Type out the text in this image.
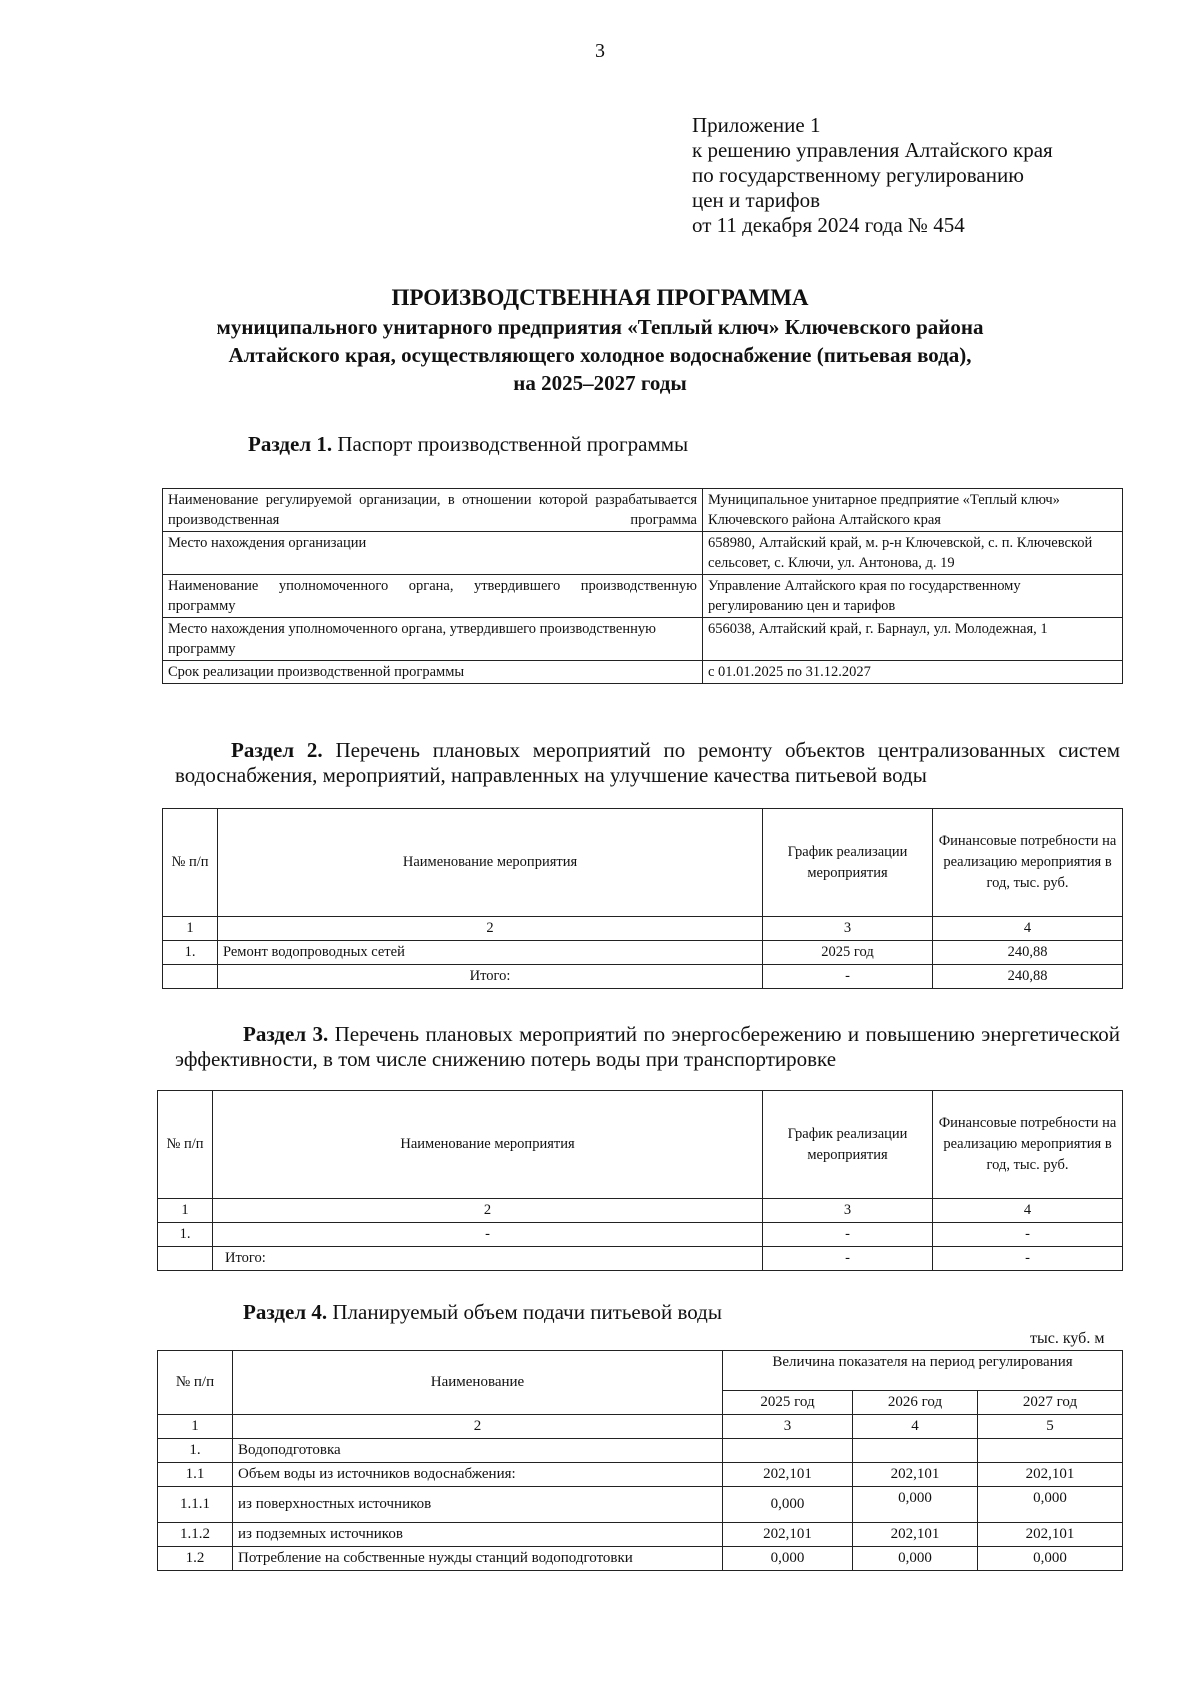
3
Приложение 1
к решению управления Алтайского края
по государственному регулированию
цен и тарифов
от 11 декабря 2024 года № 454
ПРОИЗВОДСТВЕННАЯ ПРОГРАММА
муниципального унитарного предприятия «Теплый ключ» Ключевского района
Алтайского края, осуществляющего холодное водоснабжение (питьевая вода),
на 2025–2027 годы
Раздел 1. Паспорт производственной программы
Наименование регулируемой организации, в отношении которой разрабатывается производственная программа	Муниципальное унитарное предприятие «Теплый ключ» Ключевского района Алтайского края
Место нахождения организации	658980, Алтайский край, м. р-н Ключевской, с. п. Ключевской сельсовет, с. Ключи, ул. Антонова, д. 19
Наименование уполномоченного органа, утвердившего производственную программу	Управление Алтайского края по государственному регулированию цен и тарифов
Место нахождения уполномоченного органа, утвердившего производственную программу	656038, Алтайский край, г. Барнаул, ул. Молодежная, 1
Срок реализации производственной программы	с 01.01.2025 по 31.12.2027
Раздел 2. Перечень плановых мероприятий по ремонту объектов централизованных систем водоснабжения, мероприятий, направленных на улучшение качества питьевой воды
№ п/п	Наименование мероприятия	График реализации мероприятия	Финансовые потребности на реализацию мероприятия в год, тыс. руб.
1	2	3	4
1.	Ремонт водопроводных сетей	2025 год	240,88
	Итого:	-	240,88
Раздел 3. Перечень плановых мероприятий по энергосбережению и повышению энергетической эффективности, в том числе снижению потерь воды при транспортировке
№ п/п	Наименование мероприятия	График реализации мероприятия	Финансовые потребности на реализацию мероприятия в год, тыс. руб.
1	2	3	4
1.	-	-	-
	Итого:	-	-
Раздел 4. Планируемый объем подачи питьевой воды
тыс. куб. м
№ п/п	Наименование	Величина показателя на период регулирования		
		2025 год	2026 год	2027 год
1	2	3	4	5
1.	Водоподготовка			
1.1	Объем воды из источников водоснабжения:	202,101	202,101	202,101
1.1.1	из поверхностных источников	0,000	0,000	0,000
1.1.2	из подземных источников	202,101	202,101	202,101
1.2	Потребление на собственные нужды станций водоподготовки	0,000	0,000	0,000
